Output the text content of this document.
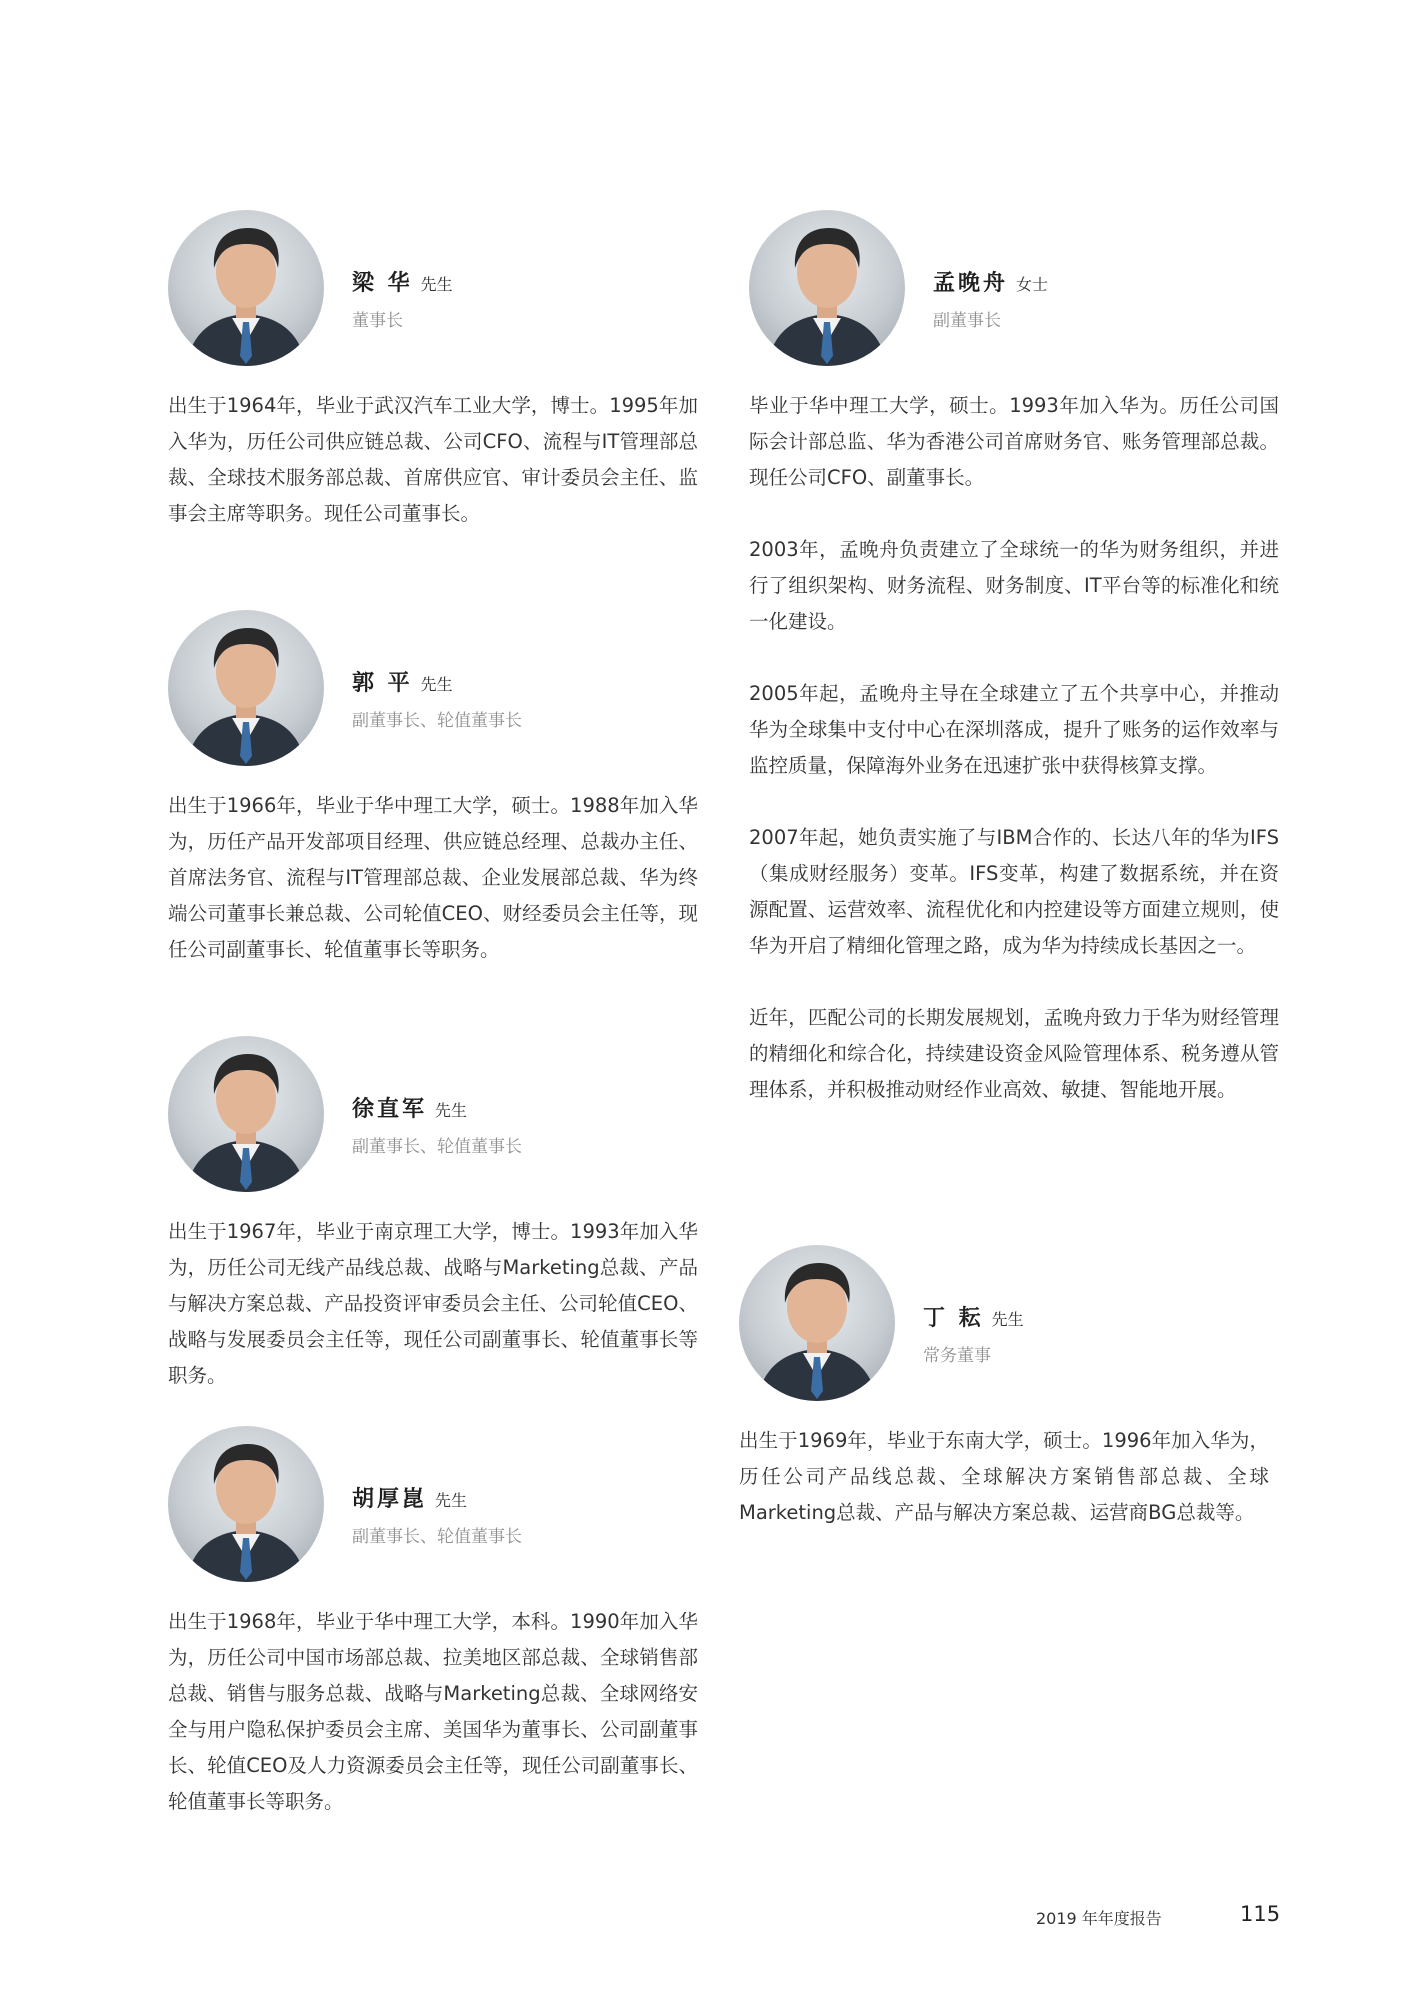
梁 华 先生
董事长

出生于1964年，毕业于武汉汽车工业大学，博士。1995年加入华为，历任公司供应链总裁、公司CFO、流程与IT管理部总裁、全球技术服务部总裁、首席供应官、审计委员会主任、监事会主席等职务。现任公司董事长。

郭 平 先生
副董事长、轮值董事长

出生于1966年，毕业于华中理工大学，硕士。1988年加入华为，历任产品开发部项目经理、供应链总经理、总裁办主任、首席法务官、流程与IT管理部总裁、企业发展部总裁、华为终端公司董事长兼总裁、公司轮值CEO、财经委员会主任等，现任公司副董事长、轮值董事长等职务。

徐直军 先生
副董事长、轮值董事长

出生于1967年，毕业于南京理工大学，博士。1993年加入华为，历任公司无线产品线总裁、战略与Marketing总裁、产品与解决方案总裁、产品投资评审委员会主任、公司轮值CEO、战略与发展委员会主任等，现任公司副董事长、轮值董事长等职务。

胡厚崑 先生
副董事长、轮值董事长

出生于1968年，毕业于华中理工大学，本科。1990年加入华为，历任公司中国市场部总裁、拉美地区部总裁、全球销售部总裁、销售与服务总裁、战略与Marketing总裁、全球网络安全与用户隐私保护委员会主席、美国华为董事长、公司副董事长、轮值CEO及人力资源委员会主任等，现任公司副董事长、轮值董事长等职务。

孟晚舟 女士
副董事长

毕业于华中理工大学，硕士。1993年加入华为。历任公司国际会计部总监、华为香港公司首席财务官、账务管理部总裁。现任公司CFO、副董事长。

2003年，孟晚舟负责建立了全球统一的华为财务组织，并进行了组织架构、财务流程、财务制度、IT平台等的标准化和统一化建设。

2005年起，孟晚舟主导在全球建立了五个共享中心，并推动华为全球集中支付中心在深圳落成，提升了账务的运作效率与监控质量，保障海外业务在迅速扩张中获得核算支撑。

2007年起，她负责实施了与IBM合作的、长达八年的华为IFS（集成财经服务）变革。IFS变革，构建了数据系统，并在资源配置、运营效率、流程优化和内控建设等方面建立规则，使华为开启了精细化管理之路，成为华为持续成长基因之一。

近年，匹配公司的长期发展规划，孟晚舟致力于华为财经管理的精细化和综合化，持续建设资金风险管理体系、税务遵从管理体系，并积极推动财经作业高效、敏捷、智能地开展。

丁 耘 先生
常务董事

出生于1969年，毕业于东南大学，硕士。1996年加入华为，历任公司产品线总裁、全球解决方案销售部总裁、全球Marketing总裁、产品与解决方案总裁、运营商BG总裁等。

2019 年年度报告	115
